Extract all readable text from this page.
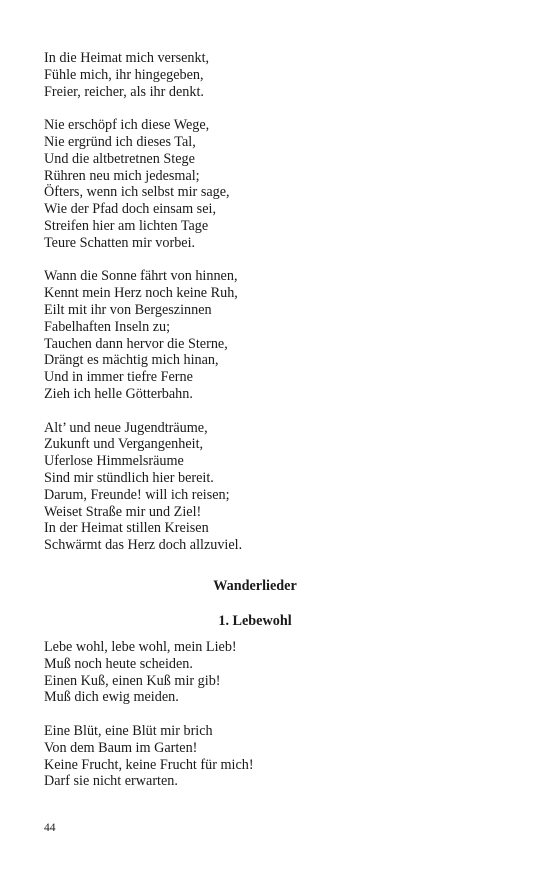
In die Heimat mich versenkt,
Fühle mich, ihr hingegeben,
Freier, reicher, als ihr denkt.
Nie erschöpf ich diese Wege,
Nie ergründ ich dieses Tal,
Und die altbetretnen Stege
Rühren neu mich jedesmal;
Öfters, wenn ich selbst mir sage,
Wie der Pfad doch einsam sei,
Streifen hier am lichten Tage
Teure Schatten mir vorbei.
Wann die Sonne fährt von hinnen,
Kennt mein Herz noch keine Ruh,
Eilt mit ihr von Bergeszinnen
Fabelhaften Inseln zu;
Tauchen dann hervor die Sterne,
Drängt es mächtig mich hinan,
Und in immer tiefre Ferne
Zieh ich helle Götterbahn.
Alt’ und neue Jugendträume,
Zukunft und Vergangenheit,
Uferlose Himmelsräume
Sind mir stündlich hier bereit.
Darum, Freunde! will ich reisen;
Weiset Straße mir und Ziel!
In der Heimat stillen Kreisen
Schwärmt das Herz doch allzuviel.
Wanderlieder
1. Lebewohl
Lebe wohl, lebe wohl, mein Lieb!
Muß noch heute scheiden.
Einen Kuß, einen Kuß mir gib!
Muß dich ewig meiden.
Eine Blüt, eine Blüt mir brich
Von dem Baum im Garten!
Keine Frucht, keine Frucht für mich!
Darf sie nicht erwarten.
44
